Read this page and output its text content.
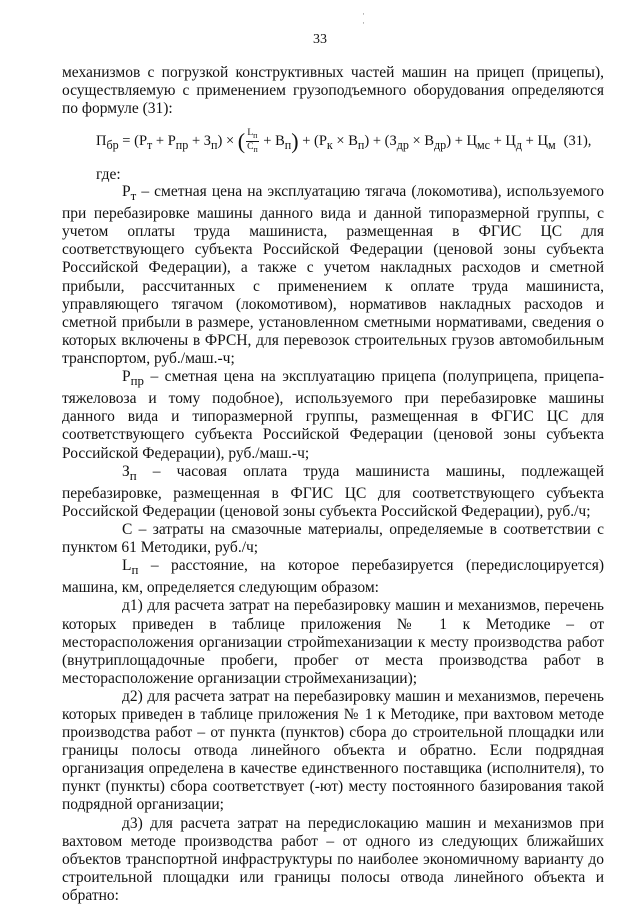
33
·
·

механизмов с погрузкой конструктивных частей машин на прицеп (прицепы), осуществляемую с применением грузоподъемного оборудования определяются по формуле (31):

$П_{бр} = (Р_т + Р_{пр} + З_п)$ × ( $\frac{L_п}{C_п} + В_п) + (Р_к \times В_п) + (З_{др} \times В_{др}) + Ц_{мс} + Ц_д + Ц_м$ (31),
где:

$Р_т$ – сметная цена на эксплуатацию тягача (локомотива), используемого при перебазировке машины данного вида и данной типоразмерной группы, с учетом оплаты труда машиниста, размещенная в ФГИС ЦС для соответствующего субъекта Российской Федерации (ценовой зоны субъекта Российской Федерации), а также с учетом накладных расходов и сметной прибыли, рассчитанных с применением к оплате труда машиниста, управляющего тягачом (локомотивом), нормативов накладных расходов и сметной прибыли в размере, установленном сметными нормативами, сведения о которых включены в ФРСН, для перевозок строительных грузов автомобильным транспортом, руб./маш.-ч;

$Р_{пр}$ – сметная цена на эксплуатацию прицепа (полуприцепа, прицепа-тяжеловоза и тому подобное), используемого при перебазировке машины данного вида и типоразмерной группы, размещенная в ФГИС ЦС для соответствующего субъекта Российской Федерации (ценовой зоны субъекта Российской Федерации), руб./маш.-ч;

$З_п$ – часовая оплата труда машиниста машины, подлежащей перебазировке, размещенная в ФГИС ЦС для соответствующего субъекта Российской Федерации (ценовой зоны субъекта Российской Федерации), руб./ч;

С – затраты на смазочные материалы, определяемые в соответствии с пунктом 61 Методики, руб./ч;

$L_п$ – расстояние, на которое перебазируется (передислоцируется) машина, км, определяется следующим образом:

д1) для расчета затрат на перебазировку машин и механизмов, перечень которых приведен в таблице приложения № 1 к Методике – от месторасположения организации стройmеханизации к месту производства работ (внутриплощадочные пробеги, пробег от места производства работ в месторасположение организации строймеханизации);

д2) для расчета затрат на перебазировку машин и механизмов, перечень которых приведен в таблице приложения № 1 к Методике, при вахтовом методе производства работ – от пункта (пунктов) сбора до строительной площадки или границы полосы отвода линейного объекта и обратно. Если подрядная организация определена в качестве единственного поставщика (исполнителя), то пункт (пункты) сбора соответствует (-ют) месту постоянного базирования такой подрядной организации;

д3) для расчета затрат на передислокацию машин и механизмов при вахтовом методе производства работ – от одного из следующих ближайших объектов транспортной инфраструктуры по наиболее экономичному варианту до строительной площадки или границы полосы отвода линейного объекта и обратно:
